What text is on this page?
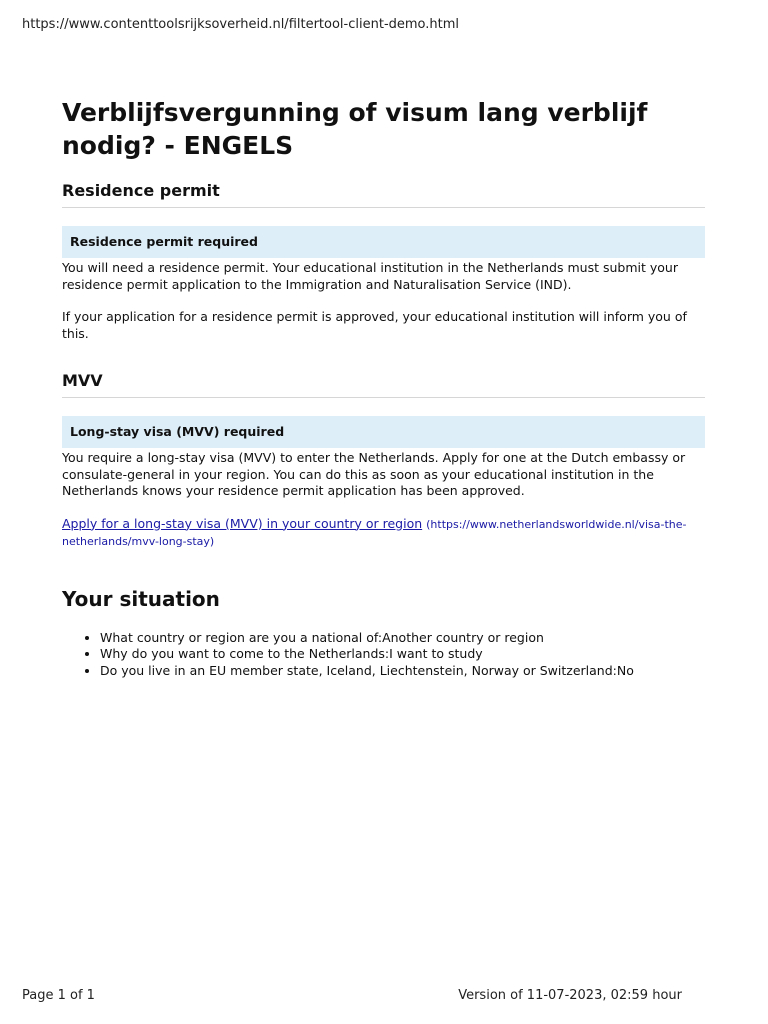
https://www.contenttoolsrijksoverheid.nl/filtertool-client-demo.html
Verblijfsvergunning of visum lang verblijf nodig? - ENGELS
Residence permit
Residence permit required

You will need a residence permit. Your educational institution in the Netherlands must submit your residence permit application to the Immigration and Naturalisation Service (IND).

If your application for a residence permit is approved, your educational institution will inform you of this.

MVV
Long-stay visa (MVV) required

You require a long-stay visa (MVV) to enter the Netherlands. Apply for one at the Dutch embassy or consulate-general in your region. You can do this as soon as your educational institution in the Netherlands knows your residence permit application has been approved.

Apply for a long-stay visa (MVV) in your country or region (https://www.netherlandsworldwide.nl/visa-the-netherlands/mvv-long-stay)

Your situation
• What country or region are you a national of:Another country or region
• Why do you want to come to the Netherlands:I want to study
• Do you live in an EU member state, Iceland, Liechtenstein, Norway or Switzerland:No
Page 1 of 1	Version of 11-07-2023, 02:59 hour
